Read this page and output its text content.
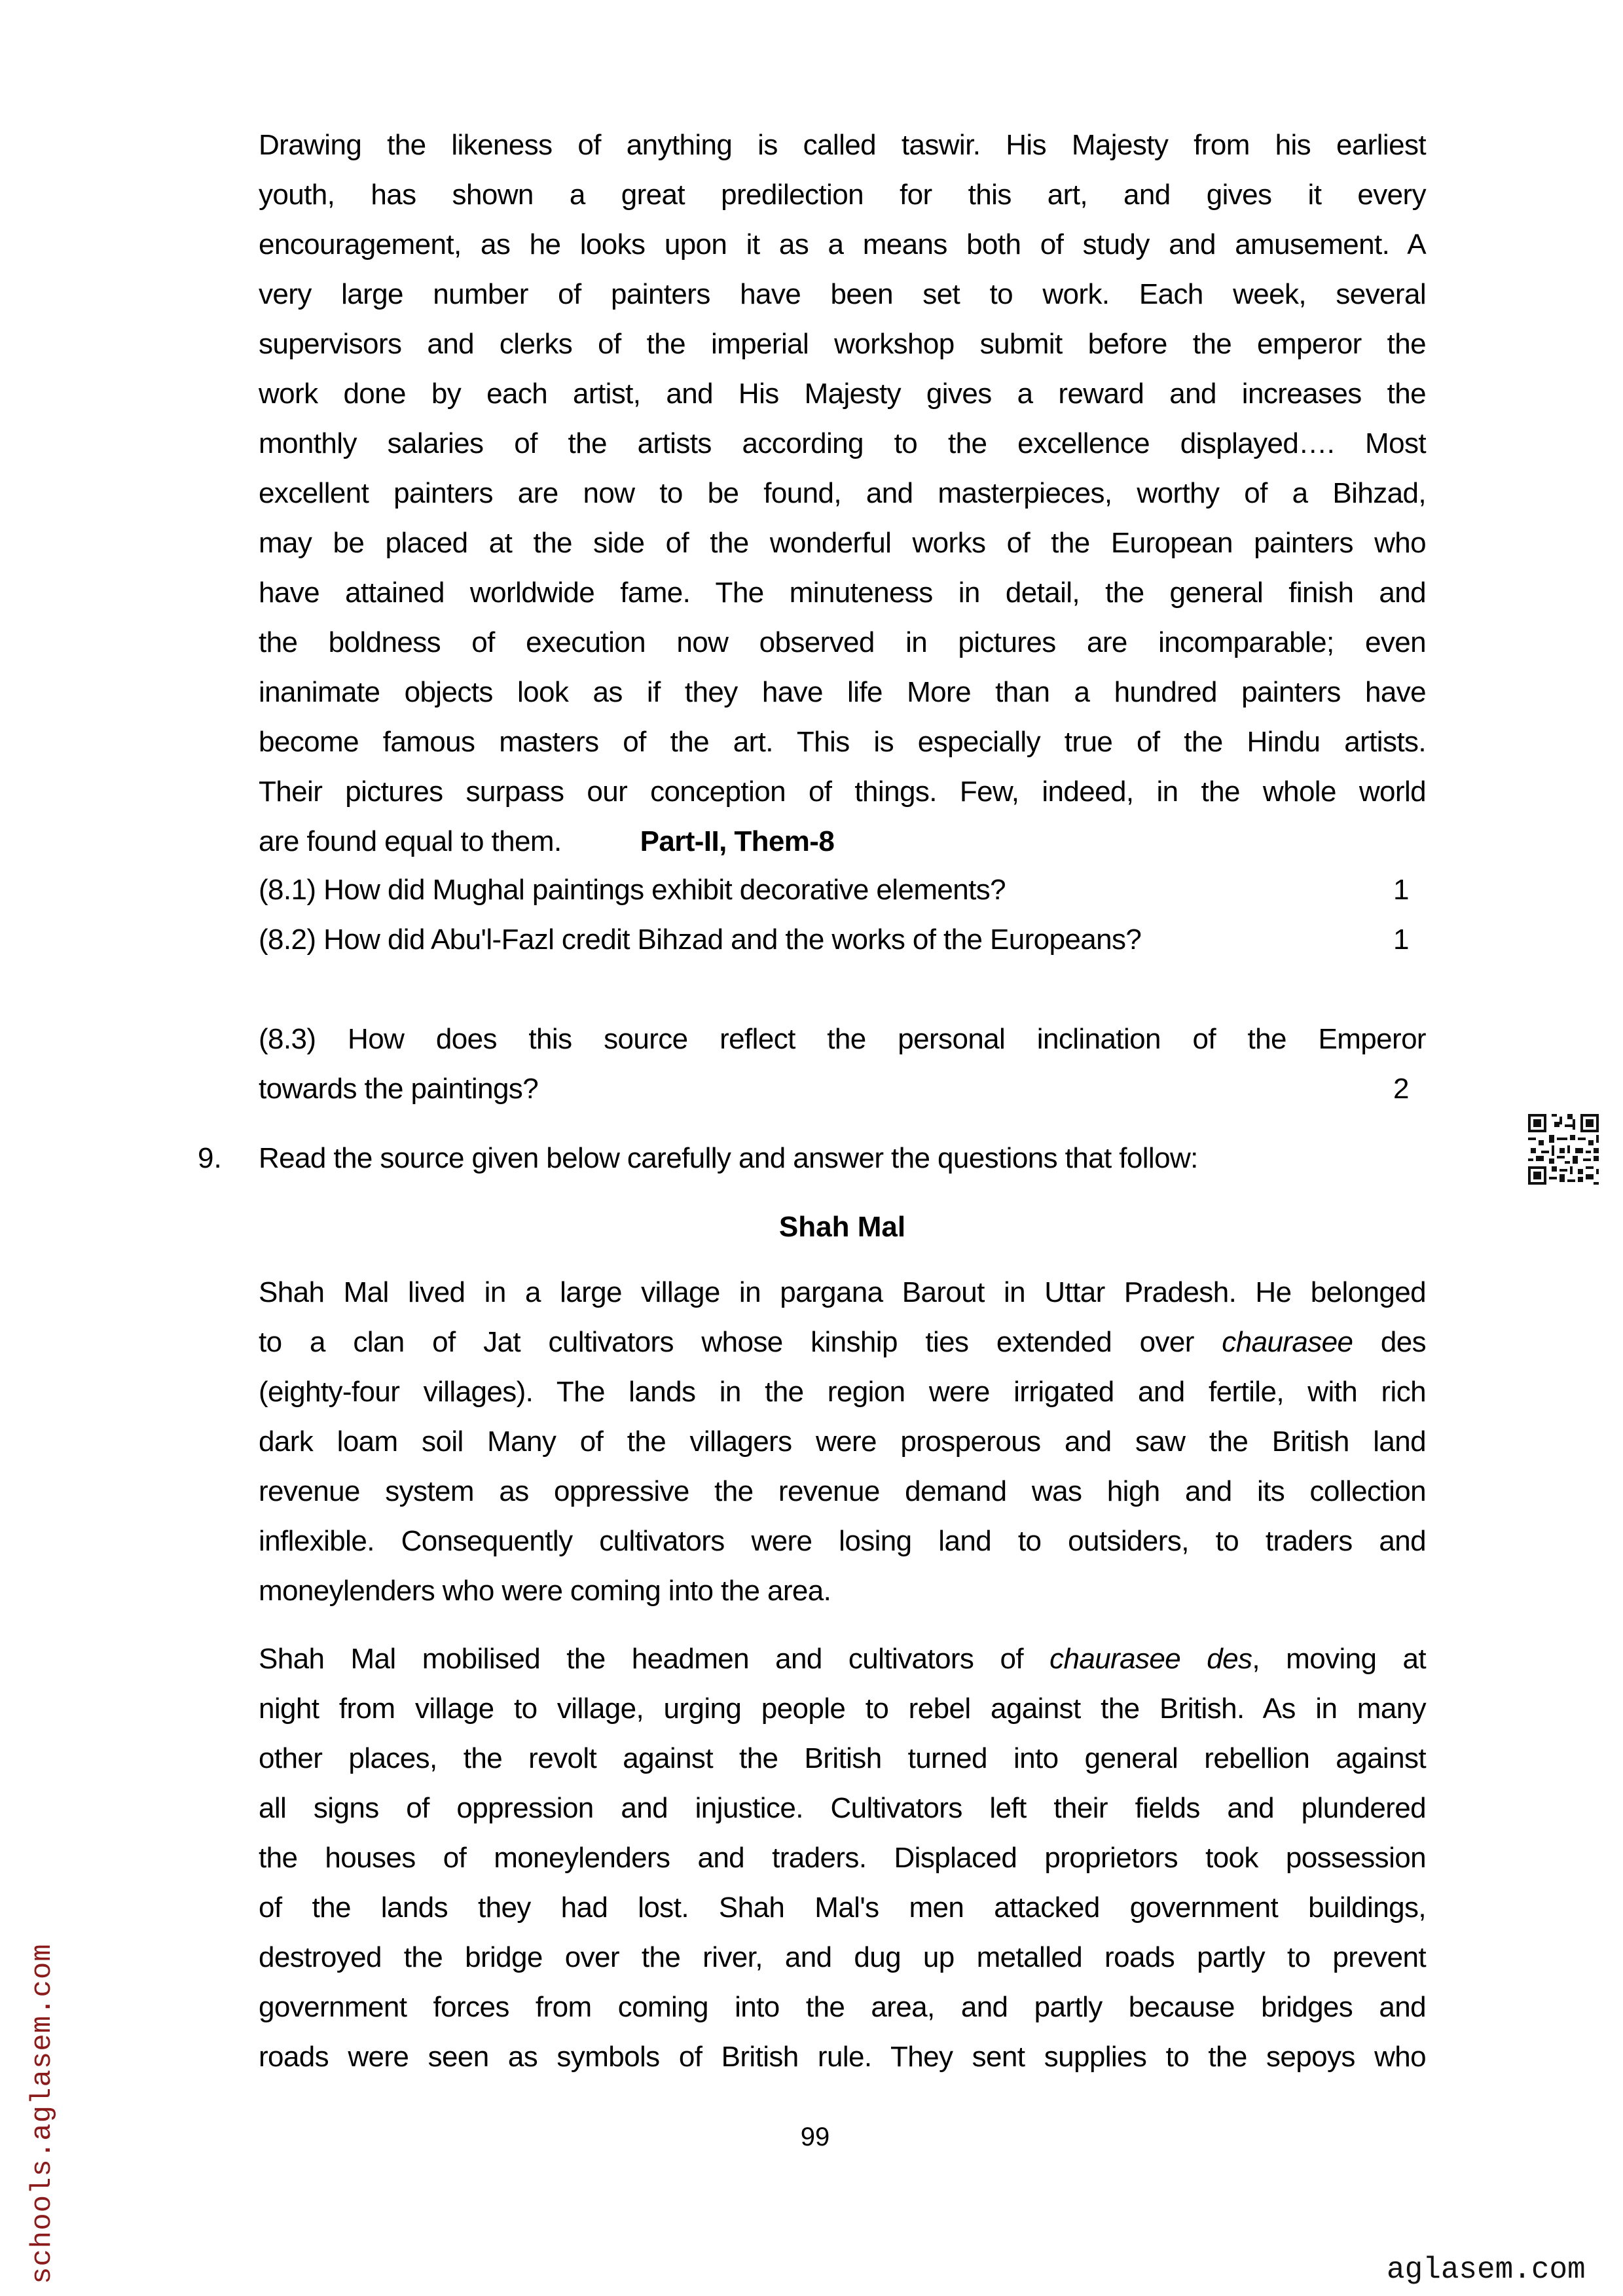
Drawing the likeness of anything is called taswir. His Majesty from his earliest
youth, has shown a great predilection for this art, and gives it every
encouragement, as he looks upon it as a means both of study and amusement. A
very large number of painters have been set to work. Each week, several
supervisors and clerks of the imperial workshop submit before the emperor the
work done by each artist, and His Majesty gives a reward and increases the
monthly salaries of the artists according to the excellence displayed…. Most
excellent painters are now to be found, and masterpieces, worthy of a Bihzad,
may be placed at the side of the wonderful works of the European painters who
have attained worldwide fame. The minuteness in detail, the general finish and
the boldness of execution now observed in pictures are incomparable; even
inanimate objects look as if they have life More than a hundred painters have
become famous masters of the art. This is especially true of the Hindu artists.
Their pictures surpass our conception of things. Few, indeed, in the whole world
are found equal to them.	Part-II, Them-8
(8.1) How did Mughal paintings exhibit decorative elements?	1
(8.2) How did Abu'l-Fazl credit Bihzad and the works of the Europeans?	1
(8.3) How does this source reflect the personal inclination of the Emperor
towards the paintings?	2
9. Read the source given below carefully and answer the questions that follow:
Shah Mal
Shah Mal lived in a large village in pargana Barout in Uttar Pradesh. He belonged
to a clan of Jat cultivators whose kinship ties extended over chaurasee des
(eighty-four villages). The lands in the region were irrigated and fertile, with rich
dark loam soil Many of the villagers were prosperous and saw the British land
revenue system as oppressive the revenue demand was high and its collection
inflexible. Consequently cultivators were losing land to outsiders, to traders and
moneylenders who were coming into the area.
Shah Mal mobilised the headmen and cultivators of chaurasee des, moving at
night from village to village, urging people to rebel against the British. As in many
other places, the revolt against the British turned into general rebellion against
all signs of oppression and injustice. Cultivators left their fields and plundered
the houses of moneylenders and traders. Displaced proprietors took possession
of the lands they had lost. Shah Mal's men attacked government buildings,
destroyed the bridge over the river, and dug up metalled roads partly to prevent
government forces from coming into the area, and partly because bridges and
roads were seen as symbols of British rule. They sent supplies to the sepoys who
99
schools.aglasem.com	aglasem.com
